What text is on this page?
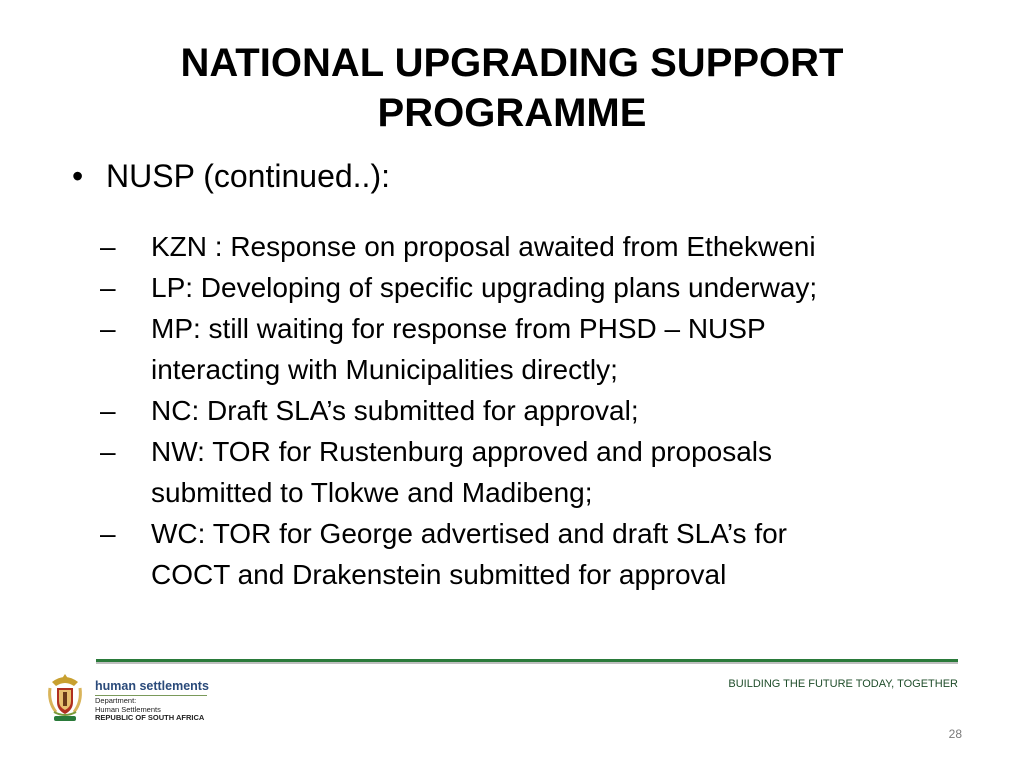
NATIONAL UPGRADING SUPPORT
PROGRAMME
• NUSP (continued..):
–	KZN : Response on proposal awaited from Ethekweni
–	LP: Developing of specific upgrading plans underway;
–	MP: still waiting for response from PHSD – NUSP
interacting with Municipalities directly;
–	NC: Draft SLA’s submitted for approval;
–	NW: TOR for Rustenburg approved and proposals
submitted to Tlokwe and Madibeng;
–	WC: TOR for George advertised and draft SLA’s for
COCT and Drakenstein submitted for approval
human settlements
Department:
Human Settlements
REPUBLIC OF SOUTH AFRICA
BUILDING THE FUTURE TODAY, TOGETHER
28
